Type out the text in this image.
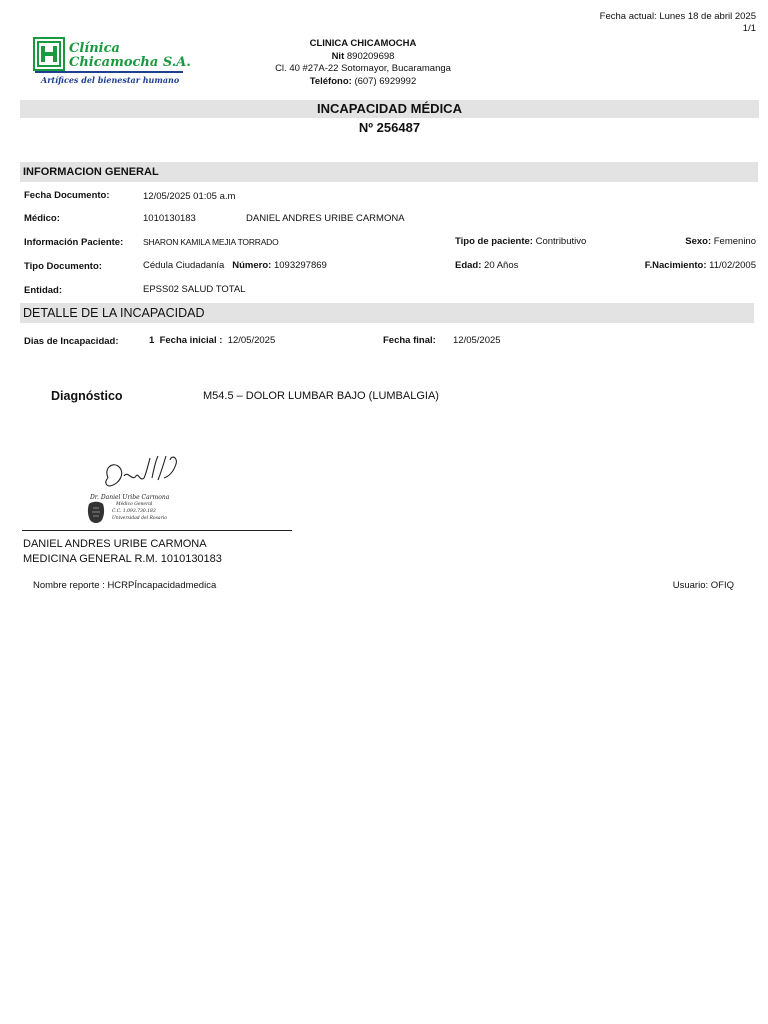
Fecha actual: Lunes 18 de abril 2025
1/1
Clínica
Chicamocha S.A.
Artífices del bienestar humano
CLINICA CHICAMOCHA
Nit 890209698
Cl. 40 #27A-22 Sotomayor, Bucaramanga
Teléfono: (607) 6929992
INCAPACIDAD MÉDICA
Nº 256487
INFORMACION GENERAL
Fecha Documento:	12/05/2025 01:05 a.m
Médico:	1010130183	DANIEL ANDRES URIBE CARMONA
Información Paciente: SHARON KAMILA MEJIA TORRADO	Tipo de paciente: Contributivo	Sexo: Femenino
Tipo Documento:	Cédula Ciudadanía Número: 1093297869	Edad: 20 Años	F.Nacimiento: 11/02/2005
Entidad:	EPSS02 SALUD TOTAL
DETALLE DE LA INCAPACIDAD
Dias de Incapacidad:	1 Fecha inicial : 12/05/2025	Fecha final: 12/05/2025
Diagnóstico	M54.5 – DOLOR LUMBAR BAJO (LUMBALGIA)
Dr. Daniel Uribe Carmona
Médico General
C.C. 1.093.730.183
Universidad del Rosario
DANIEL ANDRES URIBE CARMONA
MEDICINA GENERAL R.M. 1010130183
Nombre reporte : HCRPÍncapacidadmedica	Usuario: OFIQ
